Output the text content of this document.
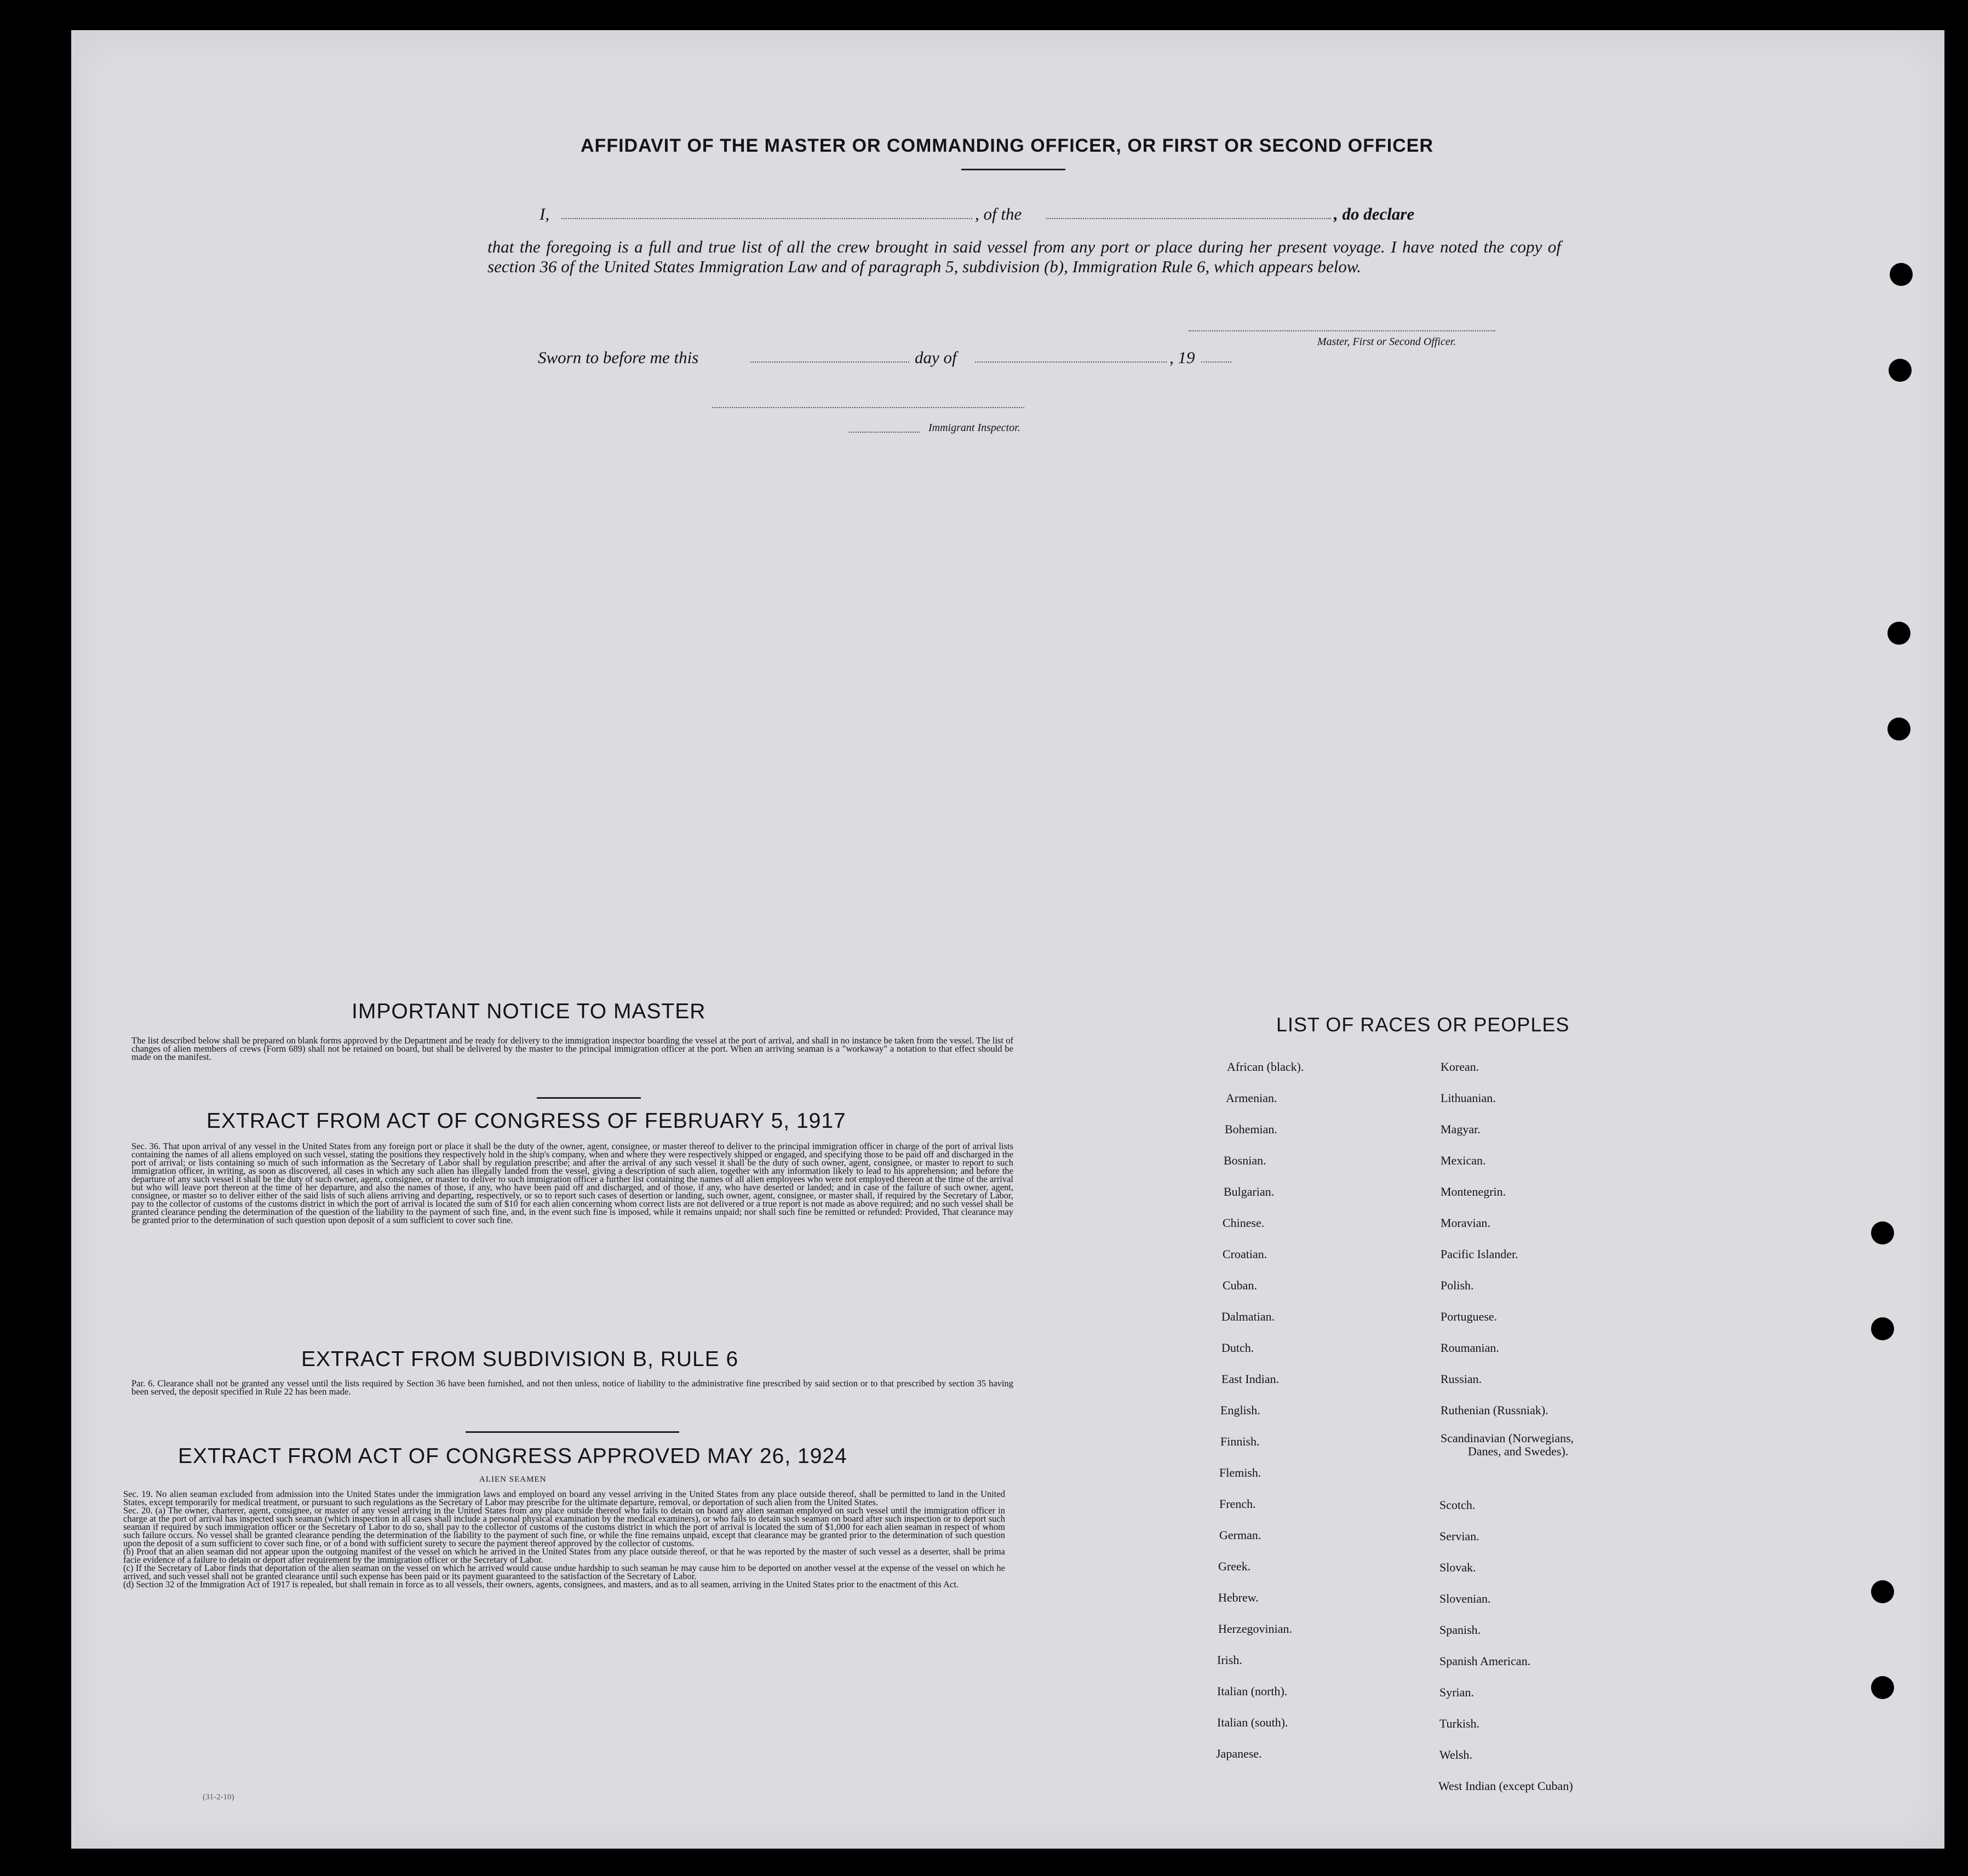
AFFIDAVIT OF THE MASTER OR COMMANDING OFFICER, OR FIRST OR SECOND OFFICER
I,	, of the	, do declare
that the foregoing is a full and true list of all the crew brought in said vessel from any port or place during her present voyage. I have noted the copy of section 36 of the United States Immigration Law and of paragraph 5, subdivision (b), Immigration Rule 6, which appears below.
Master, First or Second Officer.
Sworn to before me this	day of	, 19
Immigrant Inspector.
IMPORTANT NOTICE TO MASTER
The list described below shall be prepared on blank forms approved by the Department and be ready for delivery to the immigration inspector boarding the vessel at the port of arrival, and shall in no instance be taken from the vessel. The list of changes of alien members of crews (Form 689) shall not be retained on board, but shall be delivered by the master to the principal immigration officer at the port. When an arriving seaman is a "workaway" a notation to that effect should be made on the manifest.
EXTRACT FROM ACT OF CONGRESS OF FEBRUARY 5, 1917
Sec. 36. That upon arrival of any vessel in the United States from any foreign port or place it shall be the duty of the owner, agent, consignee, or master thereof to deliver to the principal immigration officer in charge of the port of arrival lists containing the names of all aliens employed on such vessel, stating the positions they respectively hold in the ship's company, when and where they were respectively shipped or engaged, and specifying those to be paid off and discharged in the port of arrival; or lists containing so much of such information as the Secretary of Labor shall by regulation prescribe; and after the arrival of any such vessel it shall be the duty of such owner, agent, consignee, or master to report to such immigration officer, in writing, as soon as discovered, all cases in which any such alien has illegally landed from the vessel, giving a description of such alien, together with any information likely to lead to his apprehension; and before the departure of any such vessel it shall be the duty of such owner, agent, consignee, or master to deliver to such immigration officer a further list containing the names of all alien employees who were not employed thereon at the time of the arrival but who will leave port thereon at the time of her departure, and also the names of those, if any, who have been paid off and discharged, and of those, if any, who have deserted or landed; and in case of the failure of such owner, agent, consignee, or master so to deliver either of the said lists of such aliens arriving and departing, respectively, or so to report such cases of desertion or landing, such owner, agent, consignee, or master shall, if required by the Secretary of Labor, pay to the collector of customs of the customs district in which the port of arrival is located the sum of $10 for each alien concerning whom correct lists are not delivered or a true report is not made as above required; and no such vessel shall be granted clearance pending the determination of the question of the liability to the payment of such fine, and, in the event such fine is imposed, while it remains unpaid; nor shall such fine be remitted or refunded: Provided, That clearance may be granted prior to the determination of such question upon deposit of a sum sufficient to cover such fine.
EXTRACT FROM SUBDIVISION B, RULE 6
Par. 6. Clearance shall not be granted any vessel until the lists required by Section 36 have been furnished, and not then unless, notice of liability to the administrative fine prescribed by said section or to that prescribed by section 35 having been served, the deposit specified in Rule 22 has been made.
EXTRACT FROM ACT OF CONGRESS APPROVED MAY 26, 1924
ALIEN SEAMEN
Sec. 19. No alien seaman excluded from admission into the United States under the immigration laws and employed on board any vessel arriving in the United States from any place outside thereof, shall be permitted to land in the United States, except temporarily for medical treatment, or pursuant to such regulations as the Secretary of Labor may prescribe for the ultimate departure, removal, or deportation of such alien from the United States.
Sec. 20. (a) The owner, charterer, agent, consignee, or master of any vessel arriving in the United States from any place outside thereof who fails to detain on board any alien seaman employed on such vessel until the immigration officer in charge at the port of arrival has inspected such seaman (which inspection in all cases shall include a personal physical examination by the medical examiners), or who fails to detain such seaman on board after such inspection or to deport such seaman if required by such immigration officer or the Secretary of Labor to do so, shall pay to the collector of customs of the customs district in which the port of arrival is located the sum of $1,000 for each alien seaman in respect of whom such failure occurs. No vessel shall be granted clearance pending the determination of the liability to the payment of such fine, or while the fine remains unpaid, except that clearance may be granted prior to the determination of such question upon the deposit of a sum sufficient to cover such fine, or of a bond with sufficient surety to secure the payment thereof approved by the collector of customs.
(b) Proof that an alien seaman did not appear upon the outgoing manifest of the vessel on which he arrived in the United States from any place outside thereof, or that he was reported by the master of such vessel as a deserter, shall be prima facie evidence of a failure to detain or deport after requirement by the immigration officer or the Secretary of Labor.
(c) If the Secretary of Labor finds that deportation of the alien seaman on the vessel on which he arrived would cause undue hardship to such seaman he may cause him to be deported on another vessel at the expense of the vessel on which he arrived, and such vessel shall not be granted clearance until such expense has been paid or its payment guaranteed to the satisfaction of the Secretary of Labor.
(d) Section 32 of the Immigration Act of 1917 is repealed, but shall remain in force as to all vessels, their owners, agents, consignees, and masters, and as to all seamen, arriving in the United States prior to the enactment of this Act.
(31-2-10)
LIST OF RACES OR PEOPLES
African (black).
Armenian.
Bohemian.
Bosnian.
Bulgarian.
Chinese.
Croatian.
Cuban.
Dalmatian.
Dutch.
East Indian.
English.
Finnish.
Flemish.
French.
German.
Greek.
Hebrew.
Herzegovinian.
Irish.
Italian (north).
Italian (south).
Japanese.
Korean.
Lithuanian.
Magyar.
Mexican.
Montenegrin.
Moravian.
Pacific Islander.
Polish.
Portuguese.
Roumanian.
Russian.
Ruthenian (Russniak).
Scandinavian (Norwegians,
Danes, and Swedes).
Scotch.
Servian.
Slovak.
Slovenian.
Spanish.
Spanish American.
Syrian.
Turkish.
Welsh.
West Indian (except Cuban)
